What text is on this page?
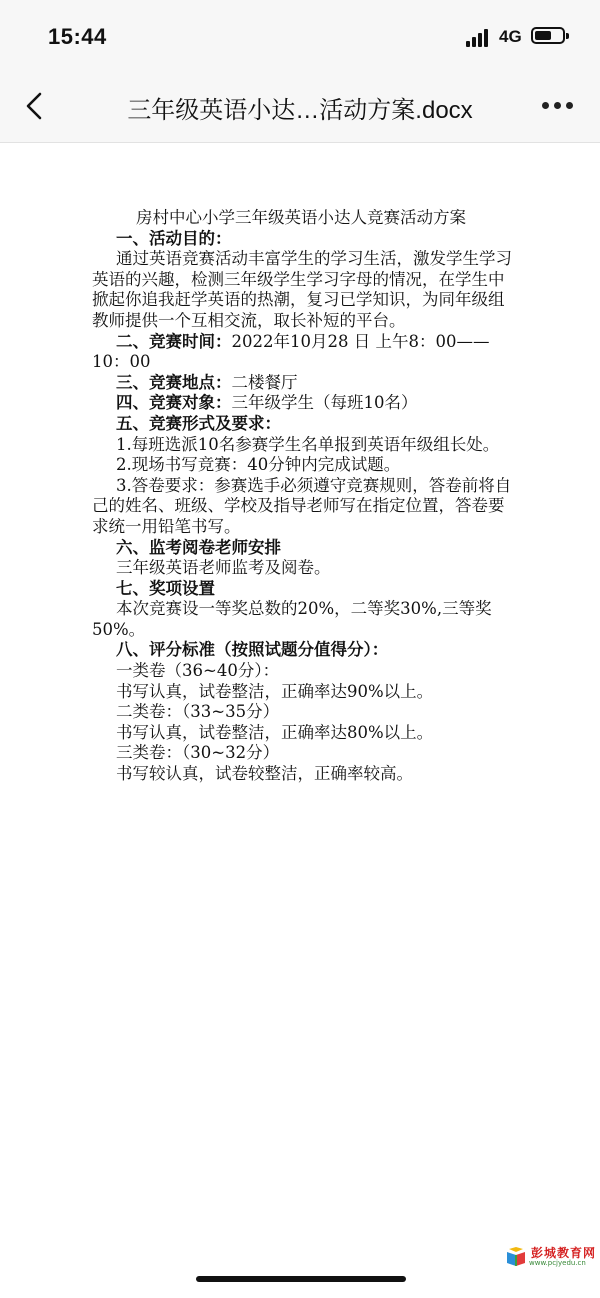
15:44	4G
三年级英语小达…活动方案.docx

房村中心小学三年级英语小达人竞赛活动方案

一、活动目的：

通过英语竞赛活动丰富学生的学习生活，激发学生学习英语的兴趣，检测三年级学生学习字母的情况，在学生中掀起你追我赶学英语的热潮，复习已学知识，为同年级组教师提供一个互相交流，取长补短的平台。

二、竞赛时间：2022年10月28 日 上午8：00——10：00

三、竞赛地点：二楼餐厅

四、竞赛对象：三年级学生（每班10名）

五、竞赛形式及要求：

1.每班选派10名参赛学生名单报到英语年级组长处。

2.现场书写竞赛：40分钟内完成试题。

3.答卷要求：参赛选手必须遵守竞赛规则，答卷前将自己的姓名、班级、学校及指导老师写在指定位置，答卷要求统一用铅笔书写。

六、监考阅卷老师安排

三年级英语老师监考及阅卷。

七、奖项设置

本次竞赛设一等奖总数的20%，二等奖30%,三等奖50%。

八、评分标准（按照试题分值得分）：

一类卷（36~40分）：

书写认真，试卷整洁，正确率达90%以上。

二类卷：（33~35分）

书写认真，试卷整洁，正确率达80%以上。

三类卷：（30~32分）

书写较认真，试卷较整洁，正确率较高。

彭城教育网
www.pcjyedu.cn
